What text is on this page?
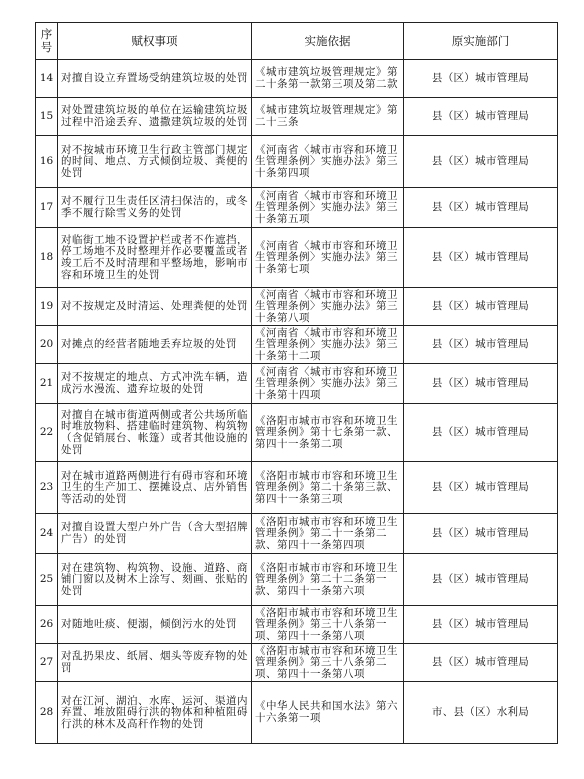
序号	赋权事项	实施依据	原实施部门
14	对擅自设立弃置场受纳建筑垃圾的处罚	《城市建筑垃圾管理规定》第二十条第一款第三项及第二款	县（区）城市管理局
15	对处置建筑垃圾的单位在运输建筑垃圾过程中沿途丢弃、遗撒建筑垃圾的处罚	《城市建筑垃圾管理规定》第二十三条	县（区）城市管理局
16	对不按城市环境卫生行政主管部门规定的时间、地点、方式倾倒垃圾、粪便的处罚	《河南省〈城市市容和环境卫生管理条例〉实施办法》第三十条第四项	县（区）城市管理局
17	对不履行卫生责任区清扫保洁的，或冬季不履行除雪义务的处罚	《河南省〈城市市容和环境卫生管理条例〉实施办法》第三十条第五项	县（区）城市管理局
18	对临街工地不设置护栏或者不作遮挡，停工场地不及时整理并作必要覆盖或者竣工后不及时清理和平整场地，影响市容和环境卫生的处罚	《河南省〈城市市容和环境卫生管理条例〉实施办法》第三十条第七项	县（区）城市管理局
19	对不按规定及时清运、处理粪便的处罚	《河南省〈城市市容和环境卫生管理条例〉实施办法》第三十条第八项	县（区）城市管理局
20	对摊点的经营者随地丢弃垃圾的处罚	《河南省〈城市市容和环境卫生管理条例〉实施办法》第三十条第十二项	县（区）城市管理局
21	对不按规定的地点、方式冲洗车辆，造成污水漫流、遗弃垃圾的处罚	《河南省〈城市市容和环境卫生管理条例〉实施办法》第三十条第十四项	县（区）城市管理局
22	对擅自在城市街道两侧或者公共场所临时堆放物料、搭建临时建筑物、构筑物（含促销展台、帐篷）或者其他设施的处罚	《洛阳市城市市容和环境卫生管理条例》第十七条第一款、第四十一条第二项	县（区）城市管理局
23	对在城市道路两侧进行有碍市容和环境卫生的生产加工、摆摊设点、店外销售等活动的处罚	《洛阳市城市市容和环境卫生管理条例》第二十条第三款、第四十一条第三项	县（区）城市管理局
24	对擅自设置大型户外广告（含大型招牌广告）的处罚	《洛阳市城市市容和环境卫生管理条例》第二十一条第二款、第四十一条第四项	县（区）城市管理局
25	对在建筑物、构筑物、设施、道路、商铺门窗以及树木上涂写、刻画、张贴的处罚	《洛阳市城市市容和环境卫生管理条例》第二十二条第一款、第四十一条第六项	县（区）城市管理局
26	对随地吐痰、便溺，倾倒污水的处罚	《洛阳市城市市容和环境卫生管理条例》第三十八条第一项、第四十一条第八项	县（区）城市管理局
27	对乱扔果皮、纸屑、烟头等废弃物的处罚	《洛阳市城市市容和环境卫生管理条例》第三十八条第二项、第四十一条第八项	县（区）城市管理局
28	对在江河、湖泊、水库、运河、渠道内弃置、堆放阻碍行洪的物体和种植阻碍行洪的林木及高秆作物的处罚	《中华人民共和国水法》第六十六条第一项	市、县（区）水利局
